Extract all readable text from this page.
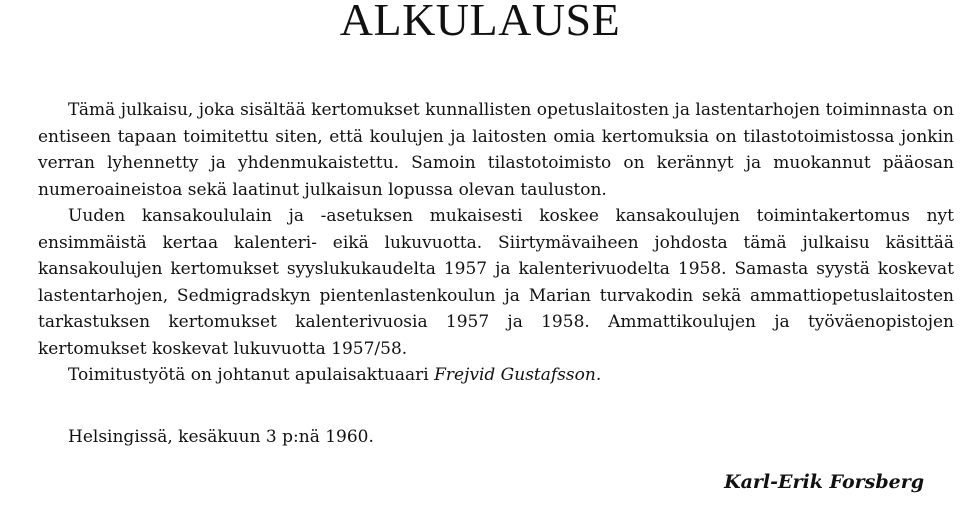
ALKULAUSE

Tämä julkaisu, joka sisältää kertomukset kunnallisten opetuslaitosten ja lastentarhojen toiminnasta on entiseen tapaan toimitettu siten, että koulujen ja laitosten omia kertomuksia on tilastotoimistossa jonkin verran lyhennetty ja yhdenmukaistettu. Samoin tilastotoimisto on kerännyt ja muokannut pääosan numeroaineistoa sekä laatinut julkaisun lopussa olevan tauluston.

Uuden kansakoululain ja -asetuksen mukaisesti koskee kansakoulujen toimintakertomus nyt ensimmäistä kertaa kalenteri- eikä lukuvuotta. Siirtymävaiheen johdosta tämä julkaisu käsittää kansakoulujen kertomukset syyslukukaudelta 1957 ja kalenterivuodelta 1958. Samasta syystä koskevat lastentarhojen, Sedmigradskyn pientenlastenkoulun ja Marian turvakodin sekä ammattiopetuslaitosten tarkastuksen kertomukset kalenterivuosia 1957 ja 1958. Ammattikoulujen ja työväenopistojen kertomukset koskevat lukuvuotta 1957/58.

Toimitustyötä on johtanut apulaisaktuaari Frejvid Gustafsson.

Helsingissä, kesäkuun 3 p:nä 1960.

Karl-Erik Forsberg
